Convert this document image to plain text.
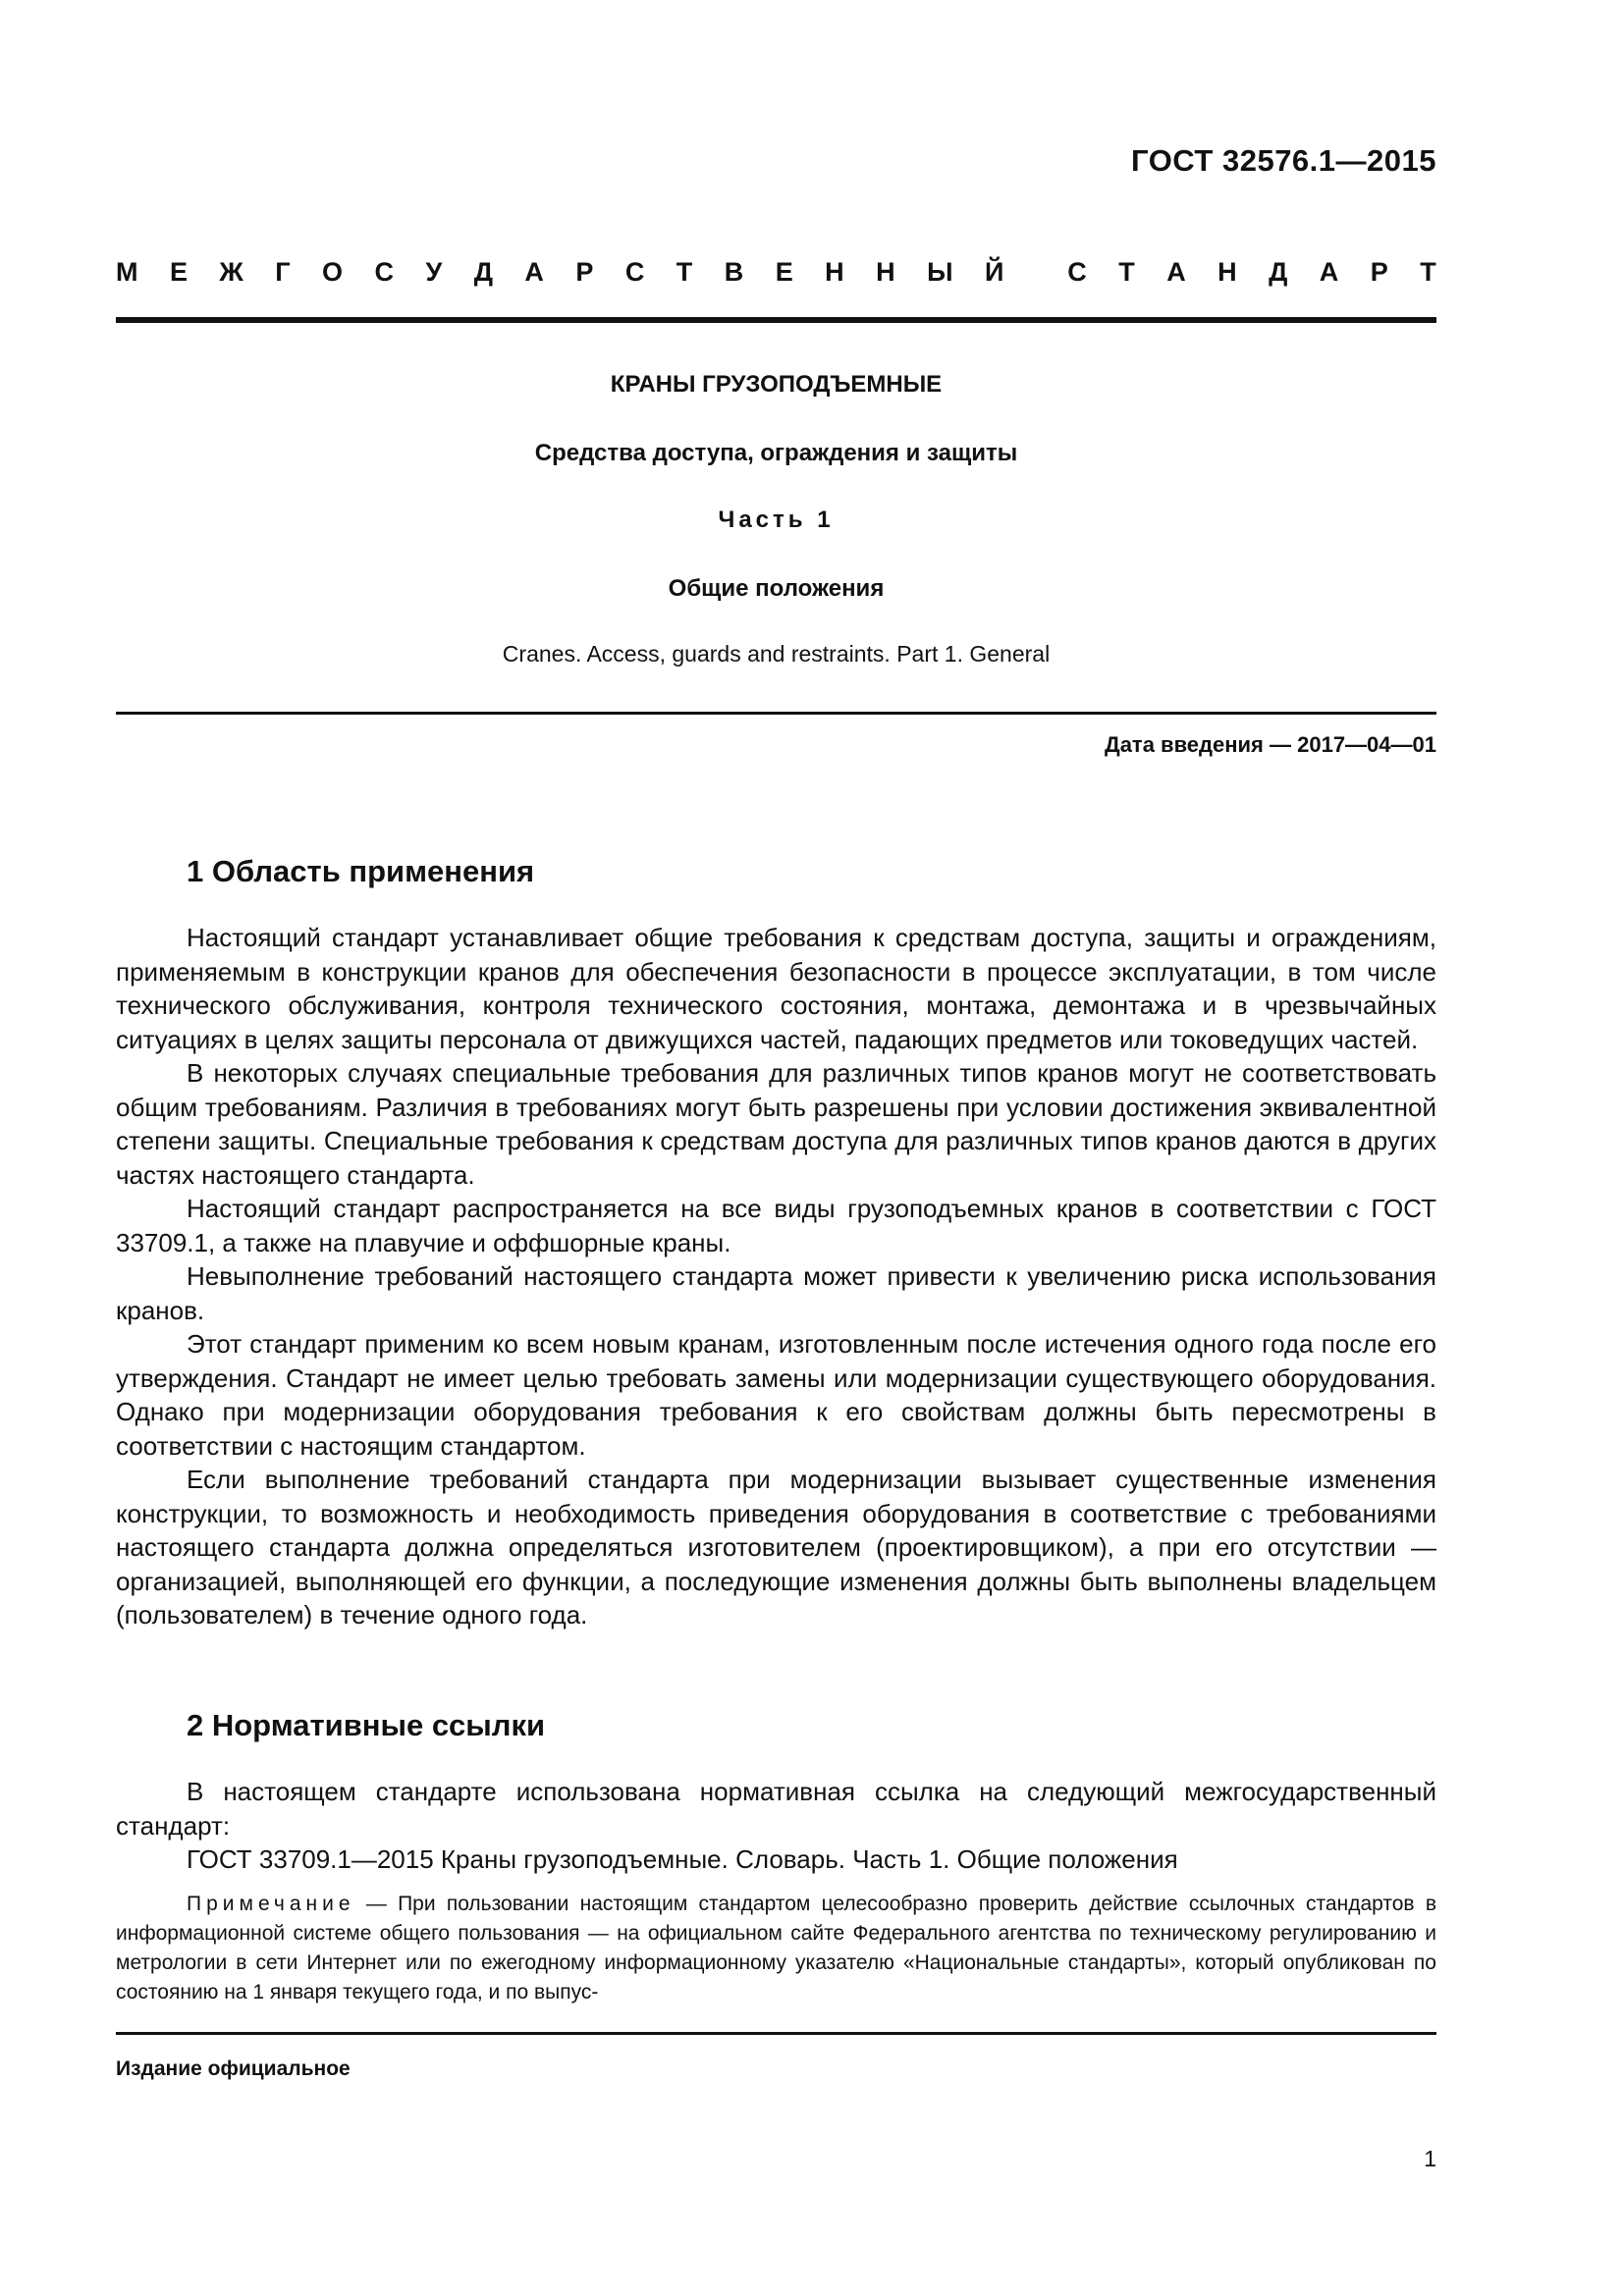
ГОСТ 32576.1—2015
М Е Ж Г О С У Д А Р С Т В Е Н Н Ы Й С Т А Н Д А Р Т
КРАНЫ ГРУЗОПОДЪЕМНЫЕ
Средства доступа, ограждения и защиты
Часть 1
Общие положения
Cranes. Access, guards and restraints. Part 1. General
Дата введения — 2017—04—01
1 Область применения

Настоящий стандарт устанавливает общие требования к средствам доступа, защиты и ограждениям, применяемым в конструкции кранов для обеспечения безопасности в процессе эксплуатации, в том числе технического обслуживания, контроля технического состояния, монтажа, демонтажа и в чрезвычайных ситуациях в целях защиты персонала от движущихся частей, падающих предметов или токоведущих частей.

В некоторых случаях специальные требования для различных типов кранов могут не соответствовать общим требованиям. Различия в требованиях могут быть разрешены при условии достижения эквивалентной степени защиты. Специальные требования к средствам доступа для различных типов кранов даются в других частях настоящего стандарта.

Настоящий стандарт распространяется на все виды грузоподъемных кранов в соответствии с ГОСТ 33709.1, а также на плавучие и оффшорные краны.

Невыполнение требований настоящего стандарта может привести к увеличению риска использования кранов.

Этот стандарт применим ко всем новым кранам, изготовленным после истечения одного года после его утверждения. Стандарт не имеет целью требовать замены или модернизации существующего оборудования. Однако при модернизации оборудования требования к его свойствам должны быть пересмотрены в соответствии с настоящим стандартом.

Если выполнение требований стандарта при модернизации вызывает существенные изменения конструкции, то возможность и необходимость приведения оборудования в соответствие с требованиями настоящего стандарта должна определяться изготовителем (проектировщиком), а при его отсутствии — организацией, выполняющей его функции, а последующие изменения должны быть выполнены владельцем (пользователем) в течение одного года.

2 Нормативные ссылки

В настоящем стандарте использована нормативная ссылка на следующий межгосударственный стандарт:

ГОСТ 33709.1—2015 Краны грузоподъемные. Словарь. Часть 1. Общие положения

Примечание — При пользовании настоящим стандартом целесообразно проверить действие ссылочных стандартов в информационной системе общего пользования — на официальном сайте Федерального агентства по техническому регулированию и метрологии в сети Интернет или по ежегодному информационному указателю «Национальные стандарты», который опубликован по состоянию на 1 января текущего года, и по выпус-

Издание официальное
1
